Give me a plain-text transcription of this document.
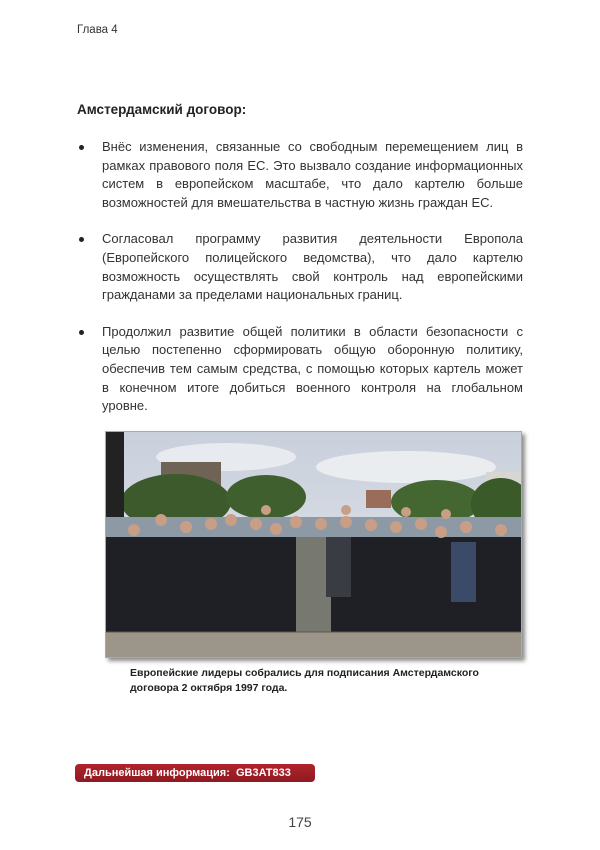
Глава 4
Амстердамский договор:
Внёс изменения, связанные со свободным перемещением лиц в рамках правового поля ЕС. Это вызвало создание информационных систем в европейском масштабе, что дало картелю больше возможностей для вмешательства в частную жизнь граждан ЕС.
Согласовал программу развития деятельности Европола (Европейского полицейского ведомства), что дало картелю возможность осуществлять свой контроль над европейскими гражданами за пределами национальных границ.
Продолжил развитие общей политики в области безопасности с целью постепенно сформировать общую оборонную политику, обеспечив тем самым средства, с помощью которых картель может в конечном итоге добиться военного контроля на глобальном уровне.
Европейские лидеры собрались для подписания Амстердамского договора 2 октября 1997 года.
Дальнейшая информация:  GB3AT833
175
